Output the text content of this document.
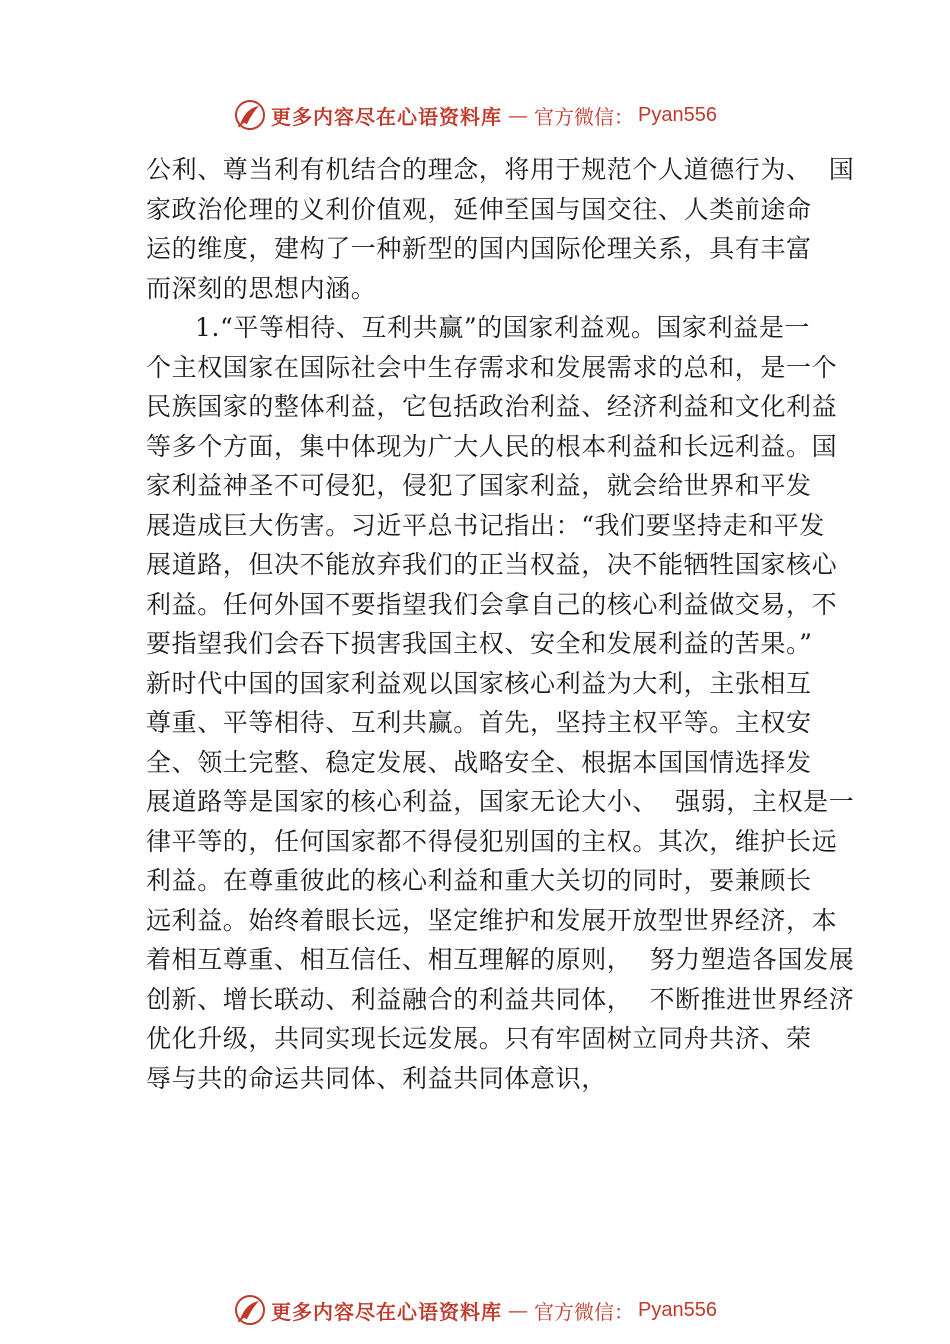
更多内容尽在心语资料库 — 官方微信： Pyan556
公利、尊当利有机结合的理念，将用于规范个人道德行为、  国
家政治伦理的义利价值观，延伸至国与国交往、人类前途命
运的维度，建构了一种新型的国内国际伦理关系，具有丰富
而深刻的思想内涵。
1.“平等相待、互利共赢”的国家利益观。国家利益是一
个主权国家在国际社会中生存需求和发展需求的总和，是一个
民族国家的整体利益，它包括政治利益、经济利益和文化利益
等多个方面，集中体现为广大人民的根本利益和长远利益。国
家利益神圣不可侵犯，侵犯了国家利益，就会给世界和平发
展造成巨大伤害。习近平总书记指出：“我们要坚持走和平发
展道路，但决不能放弃我们的正当权益，决不能牺牲国家核心
利益。任何外国不要指望我们会拿自己的核心利益做交易，不
要指望我们会吞下损害我国主权、安全和发展利益的苦果。”
新时代中国的国家利益观以国家核心利益为大利，主张相互
尊重、平等相待、互利共赢。首先，坚持主权平等。主权安
全、领土完整、稳定发展、战略安全、根据本国国情选择发
展道路等是国家的核心利益，国家无论大小、  强弱，主权是一
律平等的，任何国家都不得侵犯别国的主权。其次，维护长远
利益。在尊重彼此的核心利益和重大关切的同时，要兼顾长
远利益。始终着眼长远，坚定维护和发展开放型世界经济，本
着相互尊重、相互信任、相互理解的原则，  努力塑造各国发展
创新、增长联动、利益融合的利益共同体，  不断推进世界经济
优化升级，共同实现长远发展。只有牢固树立同舟共济、荣
辱与共的命运共同体、利益共同体意识，
更多内容尽在心语资料库 — 官方微信： Pyan556
